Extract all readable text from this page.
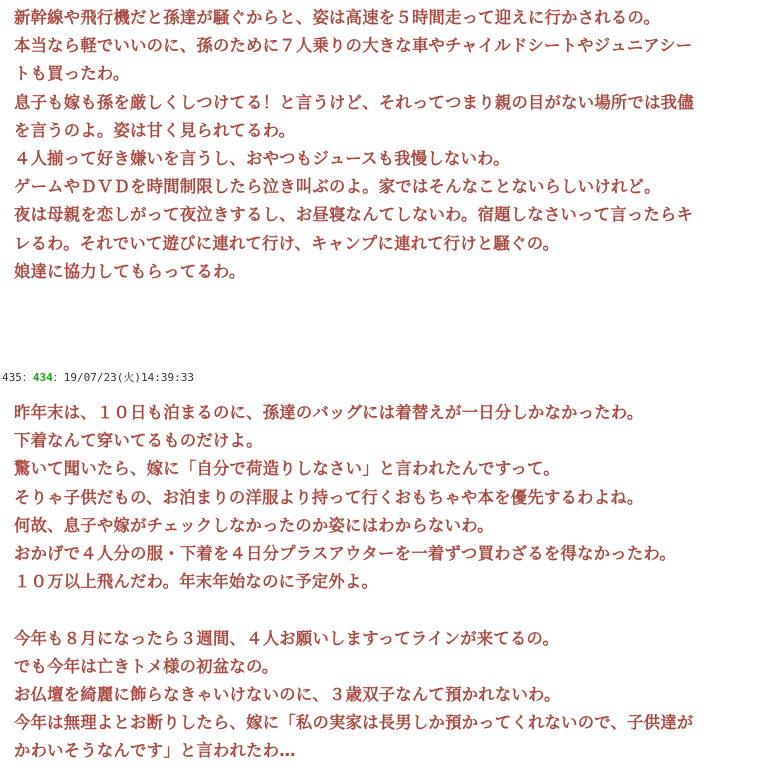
新幹線や飛行機だと孫達が騒ぐからと、姿は高速を５時間走って迎えに行かされるの。
本当なら軽でいいのに、孫のために７人乗りの大きな車やチャイルドシートやジュニアシー
トも買ったわ。
息子も嫁も孫を厳しくしつけてる！と言うけど、それってつまり親の目がない場所では我儘
を言うのよ。姿は甘く見られてるわ。
４人揃って好き嫌いを言うし、おやつもジュースも我慢しないわ。
ゲームやＤＶＤを時間制限したら泣き叫ぶのよ。家ではそんなことないらしいけれど。
夜は母親を恋しがって夜泣きするし、お昼寝なんてしないわ。宿題しなさいって言ったらキ
レるわ。それでいて遊びに連れて行け、キャンプに連れて行けと騒ぐの。
娘達に協力してもらってるわ。
435：434：19/07/23(火)14:39:33
昨年末は、１０日も泊まるのに、孫達のバッグには着替えが一日分しかなかったわ。
下着なんて穿いてるものだけよ。
驚いて聞いたら、嫁に「自分で荷造りしなさい」と言われたんですって。
そりゃ子供だもの、お泊まりの洋服より持って行くおもちゃや本を優先するわよね。
何故、息子や嫁がチェックしなかったのか姿にはわからないわ。
おかげで４人分の服・下着を４日分プラスアウターを一着ずつ買わざるを得なかったわ。
１０万以上飛んだわ。年末年始なのに予定外よ。
今年も８月になったら３週間、４人お願いしますってラインが来てるの。
でも今年は亡きトメ様の初盆なの。
お仏壇を綺麗に飾らなきゃいけないのに、３歳双子なんて預かれないわ。
今年は無理よとお断りしたら、嫁に「私の実家は長男しか預かってくれないので、子供達が
かわいそうなんです」と言われたわ…
